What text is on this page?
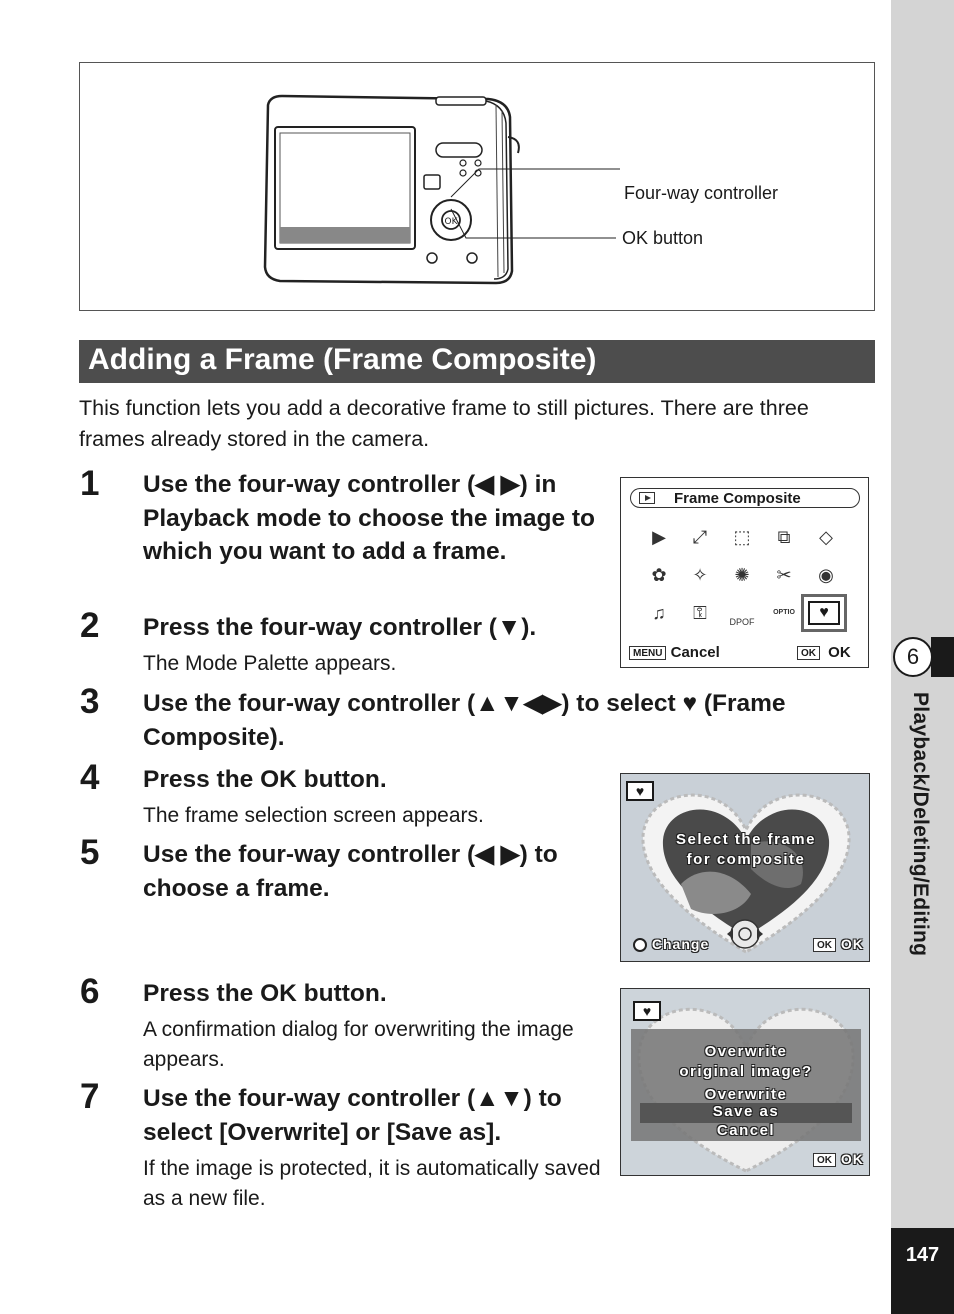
6
Playback/Deleting/Editing
147
OK
Four-way controller
OK button
Adding a Frame (Frame Composite)
This function lets you add a decorative frame to still pictures. There are three frames already stored in the camera.
1 Use the four-way controller (◀ ▶) in Playback mode to choose the image to which you want to add a frame.
2 Press the four-way controller (▼).
The Mode Palette appears.
3 Use the four-way controller (▲▼◀▶) to select ♥ (Frame Composite).
4 Press the OK button.
The frame selection screen appears.
5 Use the four-way controller (◀ ▶) to choose a frame.
6 Press the OK button.
A confirmation dialog for overwriting the image appears.
7 Use the four-way controller (▲▼) to select [Overwrite] or [Save as].
If the image is protected, it is automatically saved as a new file.
Frame Composite
▶	⤢	⬚	⧉	◇
✿	✧	✺	✂	◉
♫	⚿	DPOF
OPTIO	♥
MENU Cancel	OK OK
♥
Select the frame
for composite
Change	OK OK
♥
Overwrite
original image?
Overwrite
Save as
Cancel
OK OK
